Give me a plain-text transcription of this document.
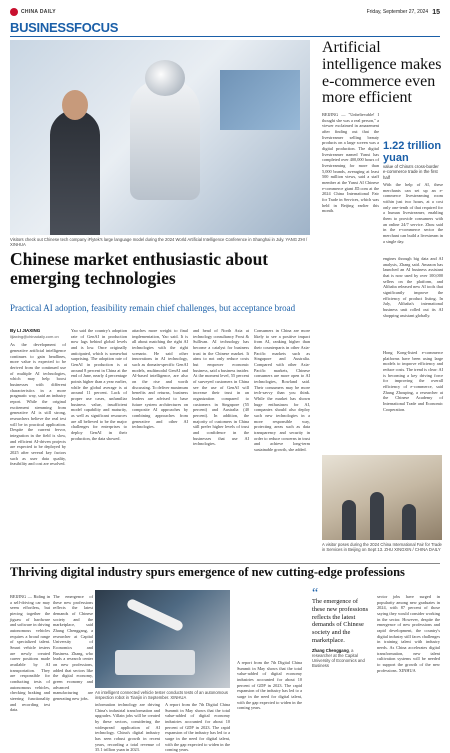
CHINA DAILY	Friday, September 27, 2024 15
BUSINESSFOCUS
Visitors check out Chinese tech company iFlytek's large language model during the 2024 World Artificial Intelligence Conference in Shanghai in July. YANG ZHI / XINHUA
Chinese market enthusiastic about emerging technologies
Practical AI adoption, feasibility remain chief challenges, but acceptance broad
By LI JIAXING
lijiaxing@chinadaily.com.cn
As the development of generative artificial intelligence continues to gain headlines, more value is expected to be derived from the continued use of multiple AI technologies, which may help boost businesses with different characteristics in a more pragmatic way, said an industry report. While the original excitement stemming from generative AI is still strong, researchers believe the real test will be in practical application. Despite the current fervor, integration in the field is slow, and efficient AI-driven projects are expected to be deployed by 2025 after several key factors such as user data quality, feasibility and cost are resolved.
Yao said the country's adoption rate of GenAI in production now lags behind global levels and is low. Once originally anticipated, which is somewhat surprising. The adoption rate of GenAI in production is at around 8 percent in China at the end of June, nearly 4 percentage points higher than a year earlier, while the global average is at around 11 percent. Lack of proper use cases, unfamiliar business value, insufficient model capability and maturity, as well as significant resources are all believed to be the major challenges for enterprises to deploy GenAI in their production, the data showed.
attaches more weight to final implementation, Yao said. It is all about matching the right AI technologies with the right scenario. He said other innovations in AI technology, such as domain-specific GenAI models, multimodal GenAI and AI-based intelligence, are also on the rise and worth discussing. To deliver maximum benefits and returns, business leaders are advised to base future system architectures on composite AI approaches by combining approaches from generative and other AI technologies.
and head of North Asia at technology consultancy Frost & Sullivan. AI technology has become a catalyst for business trust in the Chinese market. It aims to not only reduce costs but empower economic business, said a business insider. At the moment level, 55 percent of surveyed customers in China see the use of GenAI will increase their trust in an organization compared to customers in Singapore (55 percent) and Australia (40 percent). In addition, the majority of customers in China still prefer higher levels of trust and confidence in the businesses that use AI technologies.
Consumers in China are more likely to see a positive impact from AI, ranking higher than their counterparts in other Asia-Pacific markets such as Singapore and Australia. Compared with other Asia-Pacific markets, Chinese consumers are more open to AI technologies, Rowland said. Their consumers may be more tech-savvy than you think. While the market has shown huge enthusiasm for AI, companies should also deploy such new technologies in a more responsible way, protecting areas such as data transparency and security in order to reduce concerns in trust and achieve long-term sustainable growth, she added.
Artificial intelligence makes e-commerce even more efficient
BEIJING — "Unbelievable! I thought she was a real person," a viewer exclaimed in amazement after finding out that the livestreamer selling beauty products on a large screen was a digital production. The digital livestreamer named Yanxi has completed over 400,000 hours of livestreaming for more than 5,000 brands, averaging at least 500 million views, said a staff member at the Yanxi AI Chinese e-commerce giant JD.com at the 2024 China International Fair for Trade in Services, which was held in Beijing earlier this month.
1.22 trillion yuan
value of China's cross-border e-commerce trade in the first half
With the help of AI, these merchants can set up an e-commerce livestreaming room within just two hours, at a cost only one-tenth of that required for a human livestreamer, enabling them to provide consumers with an online 24/7 service. Zhou said in the e-commerce sector the merchant can build a livestream in a single day.
engines through big data and AI analysis, Zhang said. Amazon has launched an AI business assistant that is now used by over 100,000 sellers on the platform, and Alibaba released new AI tools that significantly improve the efficiency of product listing. In July, Alibaba's international business unit rolled out its AI shopping assistant globally.
Hong Kong-listed e-commerce platforms have been using large models to improve efficiency and reduce costs. The trend is clear: AI is becoming a key driving force for improving the overall efficiency of e-commerce, said Zhang Zhouping, a researcher at the Chinese Academy of International Trade and Economic Cooperation.
A visitor poses during the 2024 China International Fair for Trade in Services in Beijing on Sept 13. ZHU XINGXIN / CHINA DAILY
Thriving digital industry spurs emergence of new cutting-edge professions
BEIJING — Riding in a self-driving car may seem effortless, but piecing together the jigsaw of hardware and software in driving autonomous vehicles requires a broad range of specialized talent. Smart vehicle testers are newly created career positions made available by AI transportation. They are responsible for conducting tests of autonomous vehicles, checking braking and steering functionality and recording test data.
The emergence of these new professions reflects the latest demands of Chinese society and the marketplace, said Zhang Chenggang, a researcher at Capital University of Economics and Business. Zhang, who leads a research center on new professions, added that sectors like the digital economy, green economy and advanced manufacturing are generating new jobs.
An intelligent connected vehicle tester conducts tests of an autonomous inspection robot in Tianjin in September. XINHUA
information technology are driving China's industrial transformation and upgrades. Villain jobs will be created by these sectors, considering the widespread application of AI technology. China's digital industry has seen robust growth in recent years, recording a total revenue of 35.1 trillion yuan in 2023.
A report from the 7th Digital China Summit in May shows that the total value-added of digital economy industries accounted for about 10 percent of GDP in 2023. The rapid expansion of the industry has led to a surge in the need for digital talent, with the gap expected to widen in the coming years.
“
The emergence of these new professions reflects the latest demands of Chinese society and the marketplace.
Zhang Chenggang, a researcher at the Capital University of Economics and Business
A report from the 7th Digital China Summit in May shows that the total value-added of digital economy industries accounted for about 10 percent of GDP in 2023. The rapid expansion of the industry has led to a surge in the need for digital talent, with the gap expected to widen in the coming years.
sector jobs have surged in popularity among new graduates in 2024, with 87 percent of those saying they would consider working in the sector. However, despite the emergence of new professions and rapid development, the country's digital industry still faces challenges in training talent with industry needs. As China accelerates digital transformation, new talent cultivation systems will be needed to support the growth of the new professions. XINHUA
